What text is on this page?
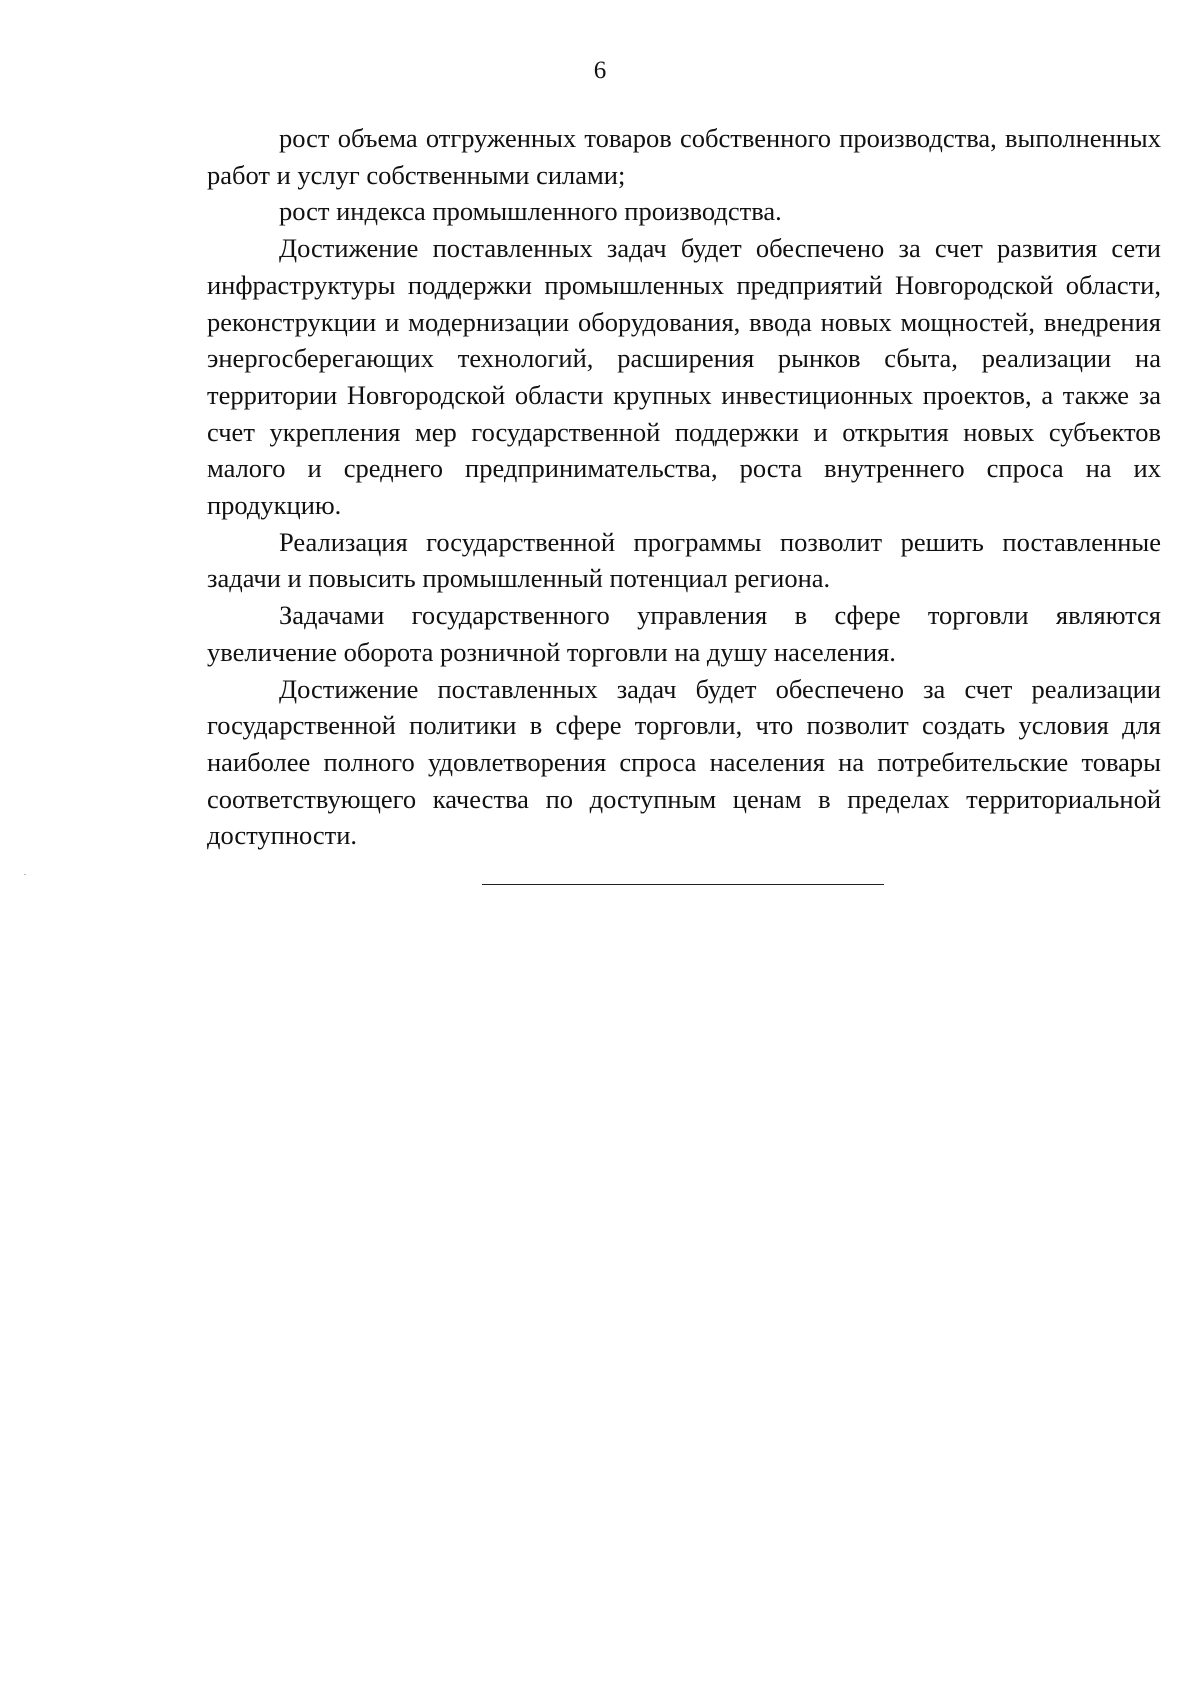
6

рост объема отгруженных товаров собственного производства, выполненных работ и услуг собственными силами;

рост индекса промышленного производства.

Достижение поставленных задач будет обеспечено за счет развития сети инфраструктуры поддержки промышленных предприятий Новгородской области, реконструкции и модернизации оборудования, ввода новых мощностей, внедрения энергосберегающих технологий, расширения рынков сбыта, реализации на территории Новгородской области крупных инвестиционных проектов, а также за счет укрепления мер государственной поддержки и открытия новых субъектов малого и среднего предпринимательства, роста внутреннего спроса на их продукцию.

Реализация государственной программы позволит решить поставленные задачи и повысить промышленный потенциал региона.

Задачами государственного управления в сфере торговли являются увеличение оборота розничной торговли на душу населения.

Достижение поставленных задач будет обеспечено за счет реализации государственной политики в сфере торговли, что позволит создать условия для наиболее полного удовлетворения спроса населения на потребительские товары соответствующего качества по доступным ценам в пределах территориальной доступности.
